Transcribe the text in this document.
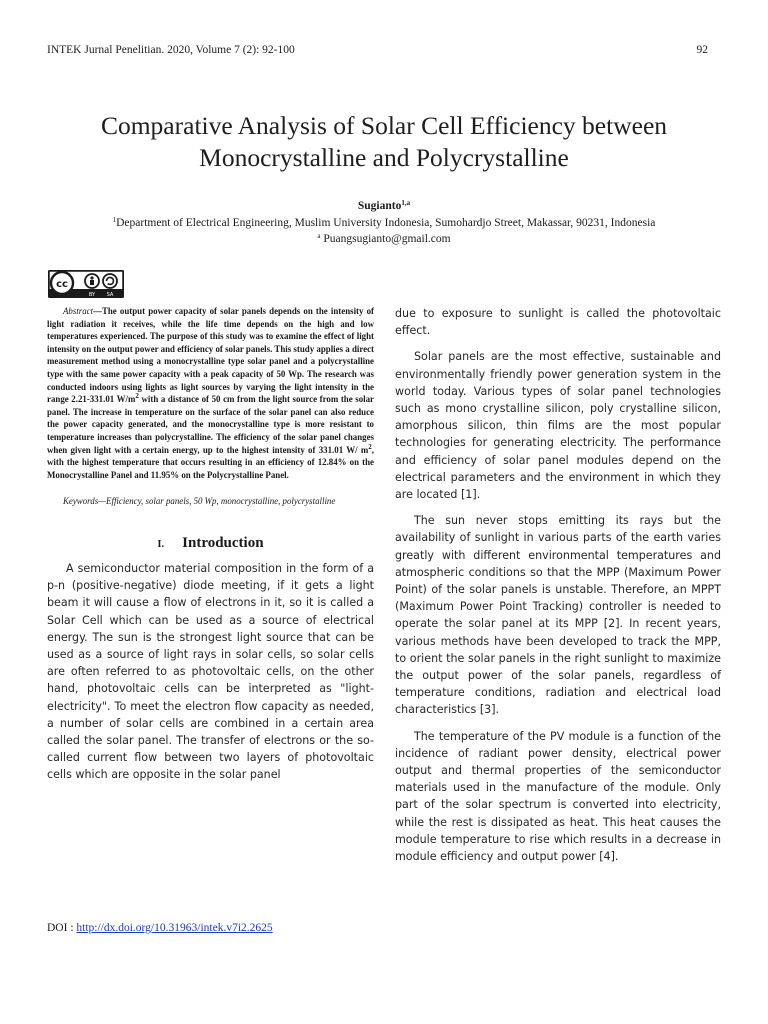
INTEK Jurnal Penelitian. 2020, Volume 7 (2): 92-100	92
Comparative Analysis of Solar Cell Efficiency between
Monocrystalline and Polycrystalline
Sugianto$^{1,a}$
$^1$Department of Electrical Engineering, Muslim University Indonesia, Sumohardjo Street, Makassar, 90231, Indonesia
$^a$ Puangsugianto@gmail.com
cc
BY SA

Abstract—The output power capacity of solar panels depends on the intensity of light radiation it receives, while the life time depends on the high and low temperatures experienced. The purpose of this study was to examine the effect of light intensity on the output power and efficiency of solar panels. This study applies a direct measurement method using a monocrystalline type solar panel and a polycrystalline type with the same power capacity with a peak capacity of 50 Wp. The research was conducted indoors using lights as light sources by varying the light intensity in the range 2.21-331.01 $W/m^2$ with a distance of 50 cm from the light source from the solar panel. The increase in temperature on the surface of the solar panel can also reduce the power capacity generated, and the monocrystalline type is more resistant to temperature increases than polycrystalline. The efficiency of the solar panel changes when given light with a certain energy, up to the highest intensity of 331.01 W/ $m^2$, with the highest temperature that occurs resulting in an efficiency of 12.84% on the Monocrystalline Panel and 11.95% on the Polycrystalline Panel.

Keywords—Efficiency, solar panels, 50 Wp, monocrystalline, polycrystalline

I. Introduction

A semiconductor material composition in the form of a p-n (positive-negative) diode meeting, if it gets a light beam it will cause a flow of electrons in it, so it is called a Solar Cell which can be used as a source of electrical energy. The sun is the strongest light source that can be used as a source of light rays in solar cells, so solar cells are often referred to as photovoltaic cells, on the other hand, photovoltaic cells can be interpreted as "light-electricity". To meet the electron flow capacity as needed, a number of solar cells are combined in a certain area called the solar panel. The transfer of electrons or the so-called current flow between two layers of photovoltaic cells which are opposite in the solar panel

due to exposure to sunlight is called the photovoltaic effect.

Solar panels are the most effective, sustainable and environmentally friendly power generation system in the world today. Various types of solar panel technologies such as mono crystalline silicon, poly crystalline silicon, amorphous silicon, thin films are the most popular technologies for generating electricity. The performance and efficiency of solar panel modules depend on the electrical parameters and the environment in which they are located [1].

The sun never stops emitting its rays but the availability of sunlight in various parts of the earth varies greatly with different environmental temperatures and atmospheric conditions so that the MPP (Maximum Power Point) of the solar panels is unstable. Therefore, an MPPT (Maximum Power Point Tracking) controller is needed to operate the solar panel at its MPP [2]. In recent years, various methods have been developed to track the MPP, to orient the solar panels in the right sunlight to maximize the output power of the solar panels, regardless of temperature conditions, radiation and electrical load characteristics [3].

The temperature of the PV module is a function of the incidence of radiant power density, electrical power output and thermal properties of the semiconductor materials used in the manufacture of the module. Only part of the solar spectrum is converted into electricity, while the rest is dissipated as heat. This heat causes the module temperature to rise which results in a decrease in module efficiency and output power [4].

DOI : http://dx.doi.org/10.31963/intek.v7i2.2625
